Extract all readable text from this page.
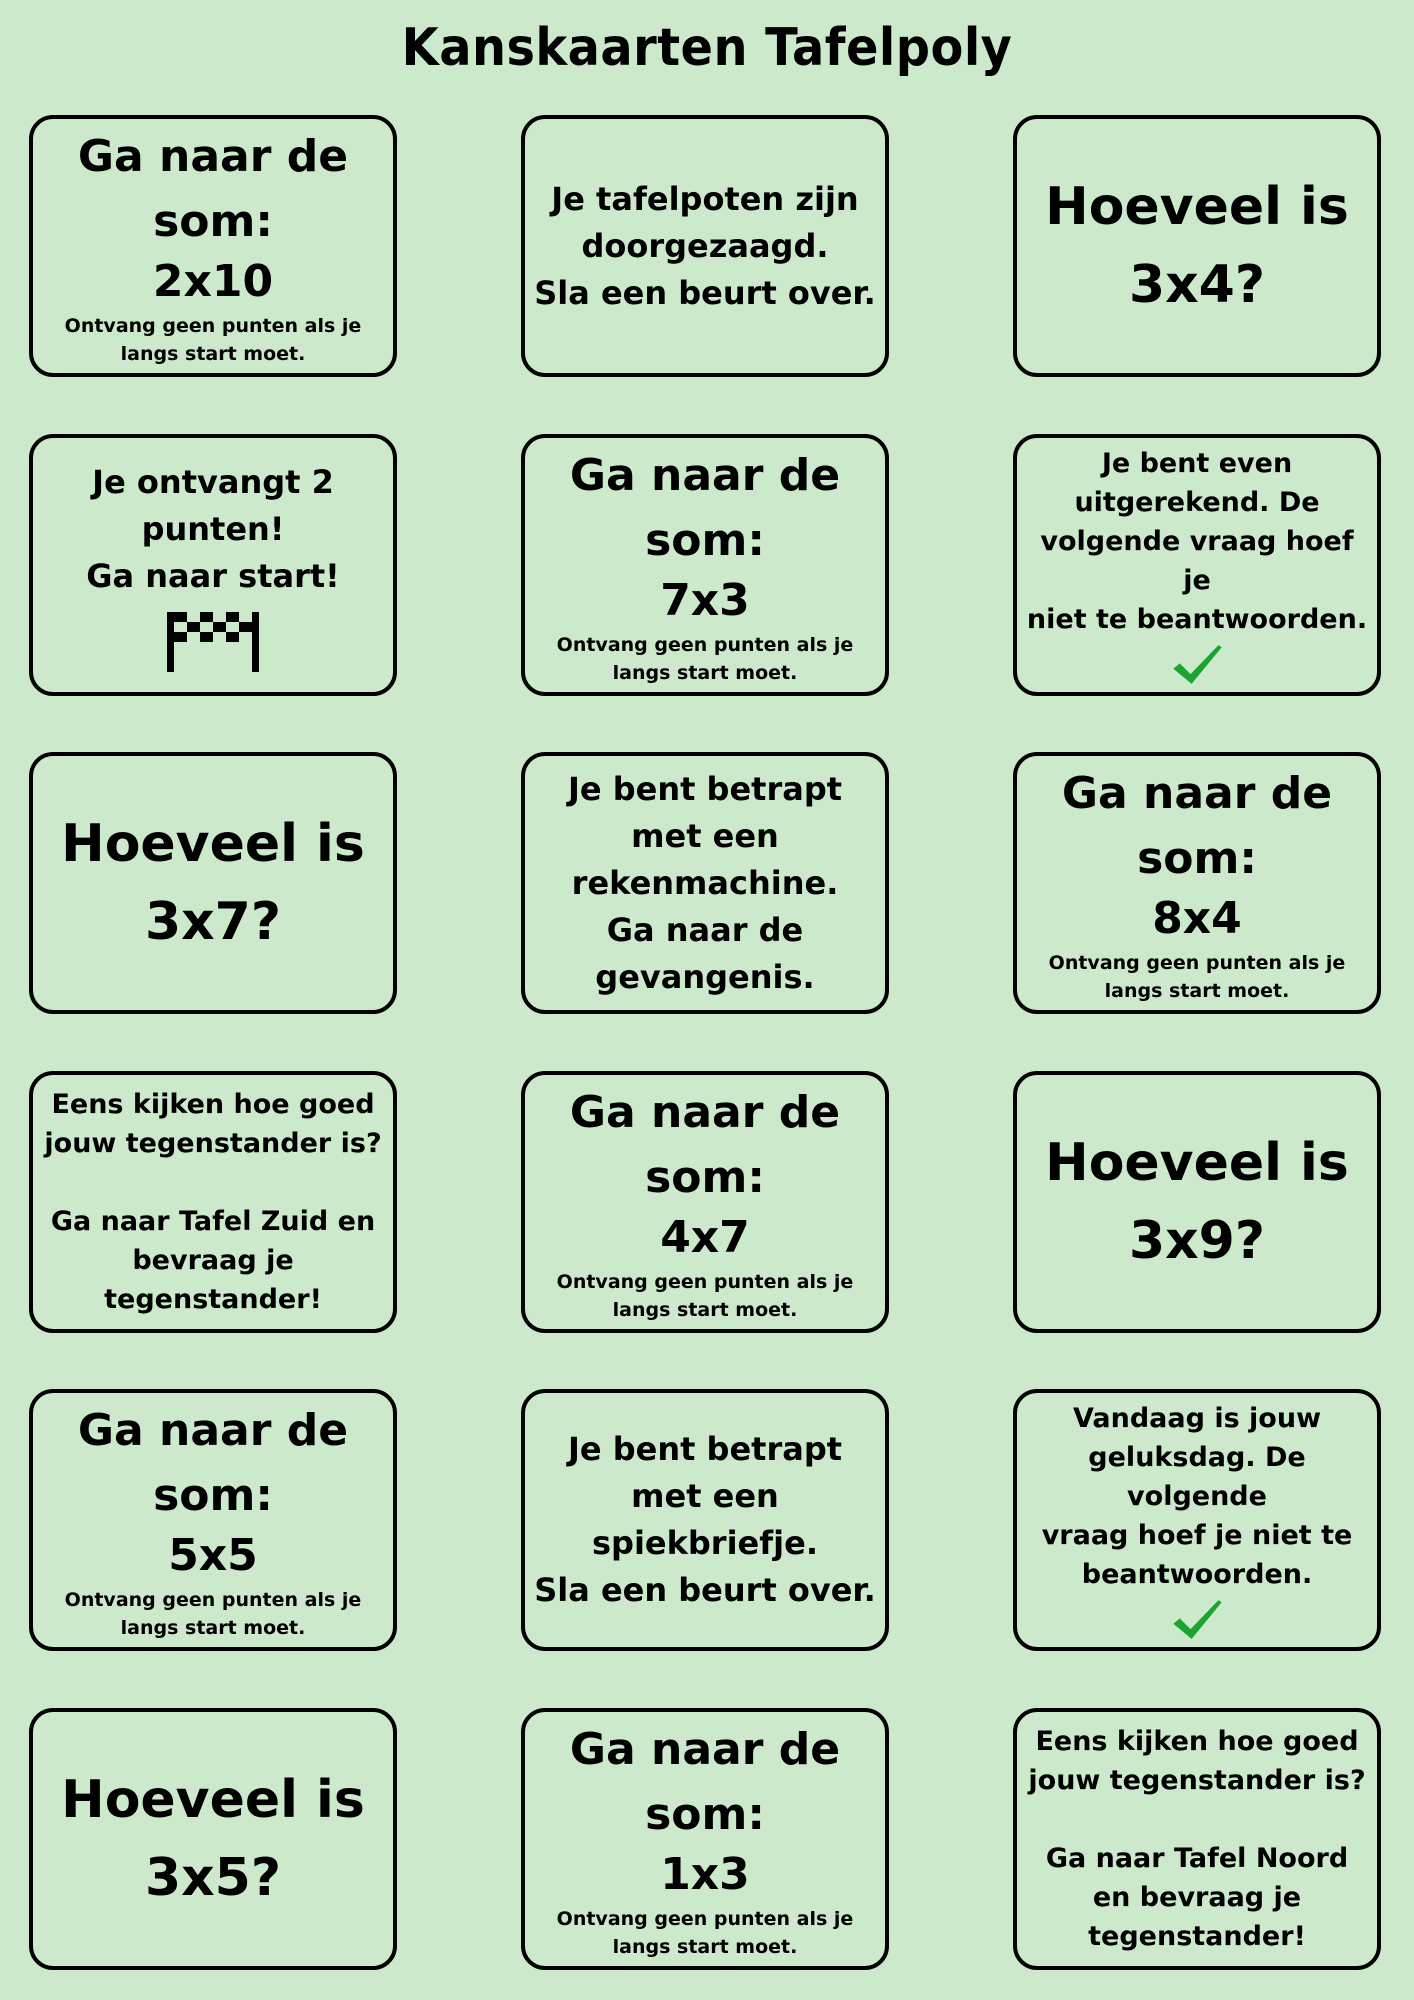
Kanskaarten Tafelpoly
Ga naar de
som:
2x10
Ontvang geen punten als je
langs start moet.
Je tafelpoten zijn
doorgezaagd.
Sla een beurt over.
Hoeveel is
3x4?
Je ontvangt 2
punten!
Ga naar start!
Ga naar de
som:
7x3
Ontvang geen punten als je
langs start moet.
Je bent even
uitgerekend. De
volgende vraag hoef je
niet te beantwoorden.
Hoeveel is
3x7?
Je bent betrapt
met een
rekenmachine.
Ga naar de
gevangenis.
Ga naar de
som:
8x4
Ontvang geen punten als je
langs start moet.
Eens kijken hoe goed
jouw tegenstander is?
Ga naar Tafel Zuid en
bevraag je
tegenstander!
Ga naar de
som:
4x7
Ontvang geen punten als je
langs start moet.
Hoeveel is
3x9?
Ga naar de
som:
5x5
Ontvang geen punten als je
langs start moet.
Je bent betrapt
met een
spiekbriefje.
Sla een beurt over.
Vandaag is jouw
geluksdag. De volgende
vraag hoef je niet te
beantwoorden.
Hoeveel is
3x5?
Ga naar de
som:
1x3
Ontvang geen punten als je
langs start moet.
Eens kijken hoe goed
jouw tegenstander is?
Ga naar Tafel Noord
en bevraag je
tegenstander!
